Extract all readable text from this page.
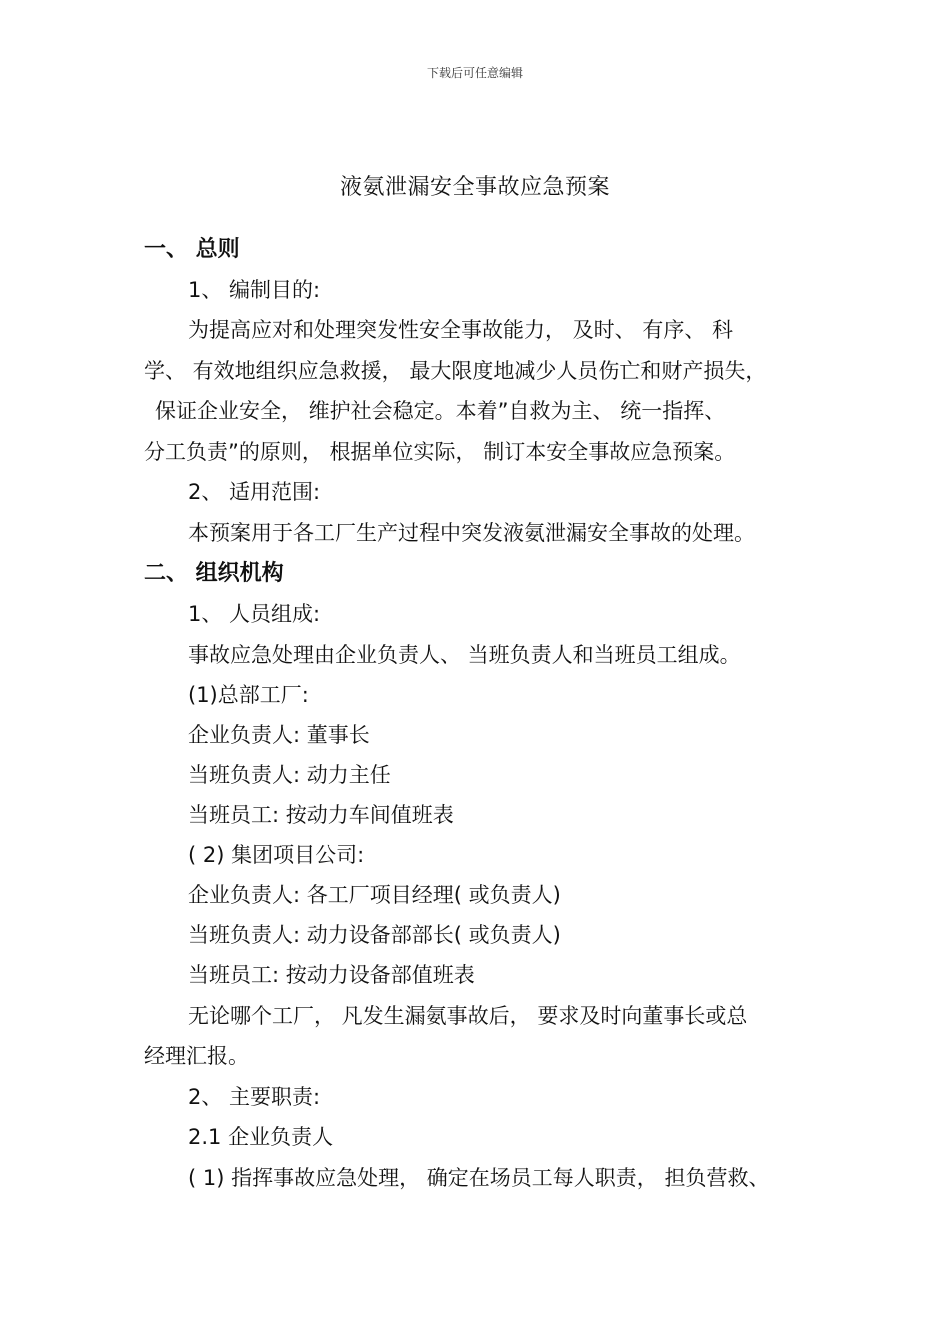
下载后可任意编辑
液氨泄漏安全事故应急预案
一、 总则
1、 编制目的:
为提高应对和处理突发性安全事故能力， 及时、 有序、 科
学、 有效地组织应急救援， 最大限度地减少人员伤亡和财产损失，
保证企业安全， 维护社会稳定。本着”自救为主、 统一指挥、
分工负责”的原则， 根据单位实际， 制订本安全事故应急预案。
2、 适用范围:
本预案用于各工厂生产过程中突发液氨泄漏安全事故的处理。
二、 组织机构
1、 人员组成:
事故应急处理由企业负责人、 当班负责人和当班员工组成。
(1)总部工厂:
企业负责人: 董事长
当班负责人: 动力主任
当班员工: 按动力车间值班表
( 2) 集团项目公司:
企业负责人: 各工厂项目经理( 或负责人)
当班负责人: 动力设备部部长( 或负责人)
当班员工: 按动力设备部值班表
无论哪个工厂， 凡发生漏氨事故后， 要求及时向董事长或总
经理汇报。
2、 主要职责:
2.1 企业负责人
( 1) 指挥事故应急处理， 确定在场员工每人职责， 担负营救、
